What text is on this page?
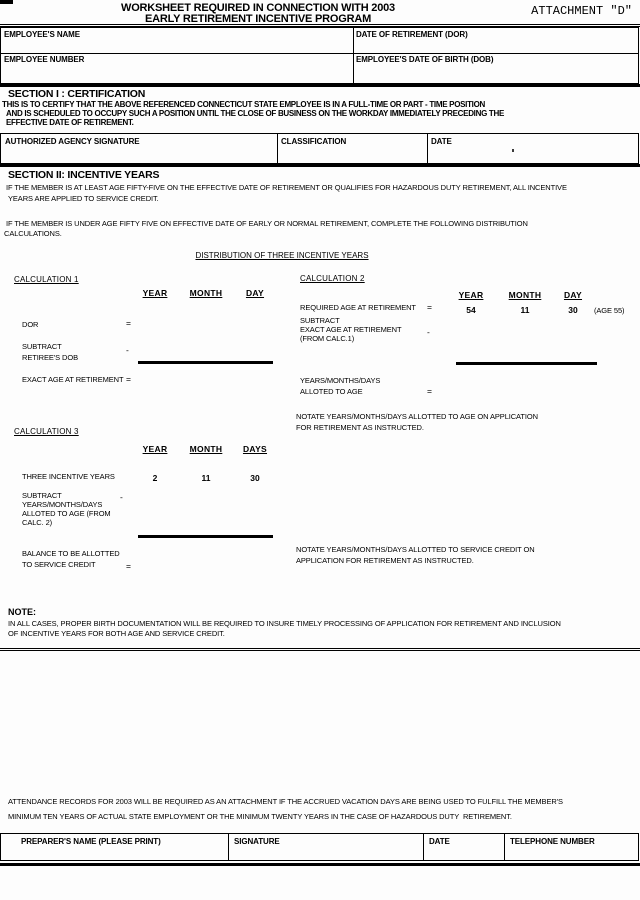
WORKSHEET REQUIRED IN CONNECTION WITH 2003
EARLY RETIREMENT INCENTIVE PROGRAM
ATTACHMENT "D"
EMPLOYEE'S NAME	DATE OF RETIREMENT (DOR)
EMPLOYEE NUMBER	EMPLOYEE'S DATE OF BIRTH (DOB)
SECTION I : CERTIFICATION
THIS IS TO CERTIFY THAT THE ABOVE REFERENCED CONNECTICUT STATE EMPLOYEE IS IN A FULL-TIME OR PART - TIME POSITION
AND IS SCHEDULED TO OCCUPY SUCH A POSITION UNTIL THE CLOSE OF BUSINESS ON THE WORKDAY IMMEDIATELY PRECEDING THE
EFFECTIVE DATE OF RETIREMENT.
AUTHORIZED AGENCY SIGNATURE	CLASSIFICATION	DATE
SECTION II: INCENTIVE YEARS
IF THE MEMBER IS AT LEAST AGE FIFTY-FIVE ON THE EFFECTIVE DATE OF RETIREMENT OR QUALIFIES FOR HAZARDOUS DUTY RETIREMENT, ALL INCENTIVE
YEARS ARE APPLIED TO SERVICE CREDIT.
IF THE MEMBER IS UNDER AGE FIFTY FIVE ON EFFECTIVE DATE OF EARLY OR NORMAL RETIREMENT, COMPLETE THE FOLLOWING DISTRIBUTION
CALCULATIONS.
DISTRIBUTION OF THREE INCENTIVE YEARS
CALCULATION 1
YEAR	MONTH	DAY
DOR	=
SUBTRACT
RETIREE'S DOB
-
EXACT AGE AT RETIREMENT =
CALCULATION 2
YEAR	MONTH	DAY
REQUIRED AGE AT RETIREMENT =	54	11	30	(AGE 55)
SUBTRACT
EXACT AGE AT RETIREMENT
(FROM CALC.1)
-
YEARS/MONTHS/DAYS
ALLOTED TO AGE	=
NOTATE YEARS/MONTHS/DAYS ALLOTTED TO AGE ON APPLICATION
FOR RETIREMENT AS INSTRUCTED.
CALCULATION 3
YEAR	MONTH	DAYS
THREE INCENTIVE YEARS	2	11	30
SUBTRACT
YEARS/MONTHS/DAYS
ALLOTED TO AGE (FROM
CALC. 2)
-
BALANCE TO BE ALLOTTED
TO SERVICE CREDIT	=
NOTATE YEARS/MONTHS/DAYS ALLOTTED TO SERVICE CREDIT ON
APPLICATION FOR RETIREMENT AS INSTRUCTED.
NOTE:
IN ALL CASES, PROPER BIRTH DOCUMENTATION WILL BE REQUIRED TO INSURE TIMELY PROCESSING OF APPLICATION FOR RETIREMENT AND INCLUSION
OF INCENTIVE YEARS FOR BOTH AGE AND SERVICE CREDIT.
ATTENDANCE RECORDS FOR 2003 WILL BE REQUIRED AS AN ATTACHMENT IF THE ACCRUED VACATION DAYS ARE BEING USED TO FULFILL THE MEMBER'S
MINIMUM TEN YEARS OF ACTUAL STATE EMPLOYMENT OR THE MINIMUM TWENTY YEARS IN THE CASE OF HAZARDOUS DUTY  RETIREMENT.
PREPARER'S NAME (PLEASE PRINT)	SIGNATURE	DATE	TELEPHONE NUMBER
